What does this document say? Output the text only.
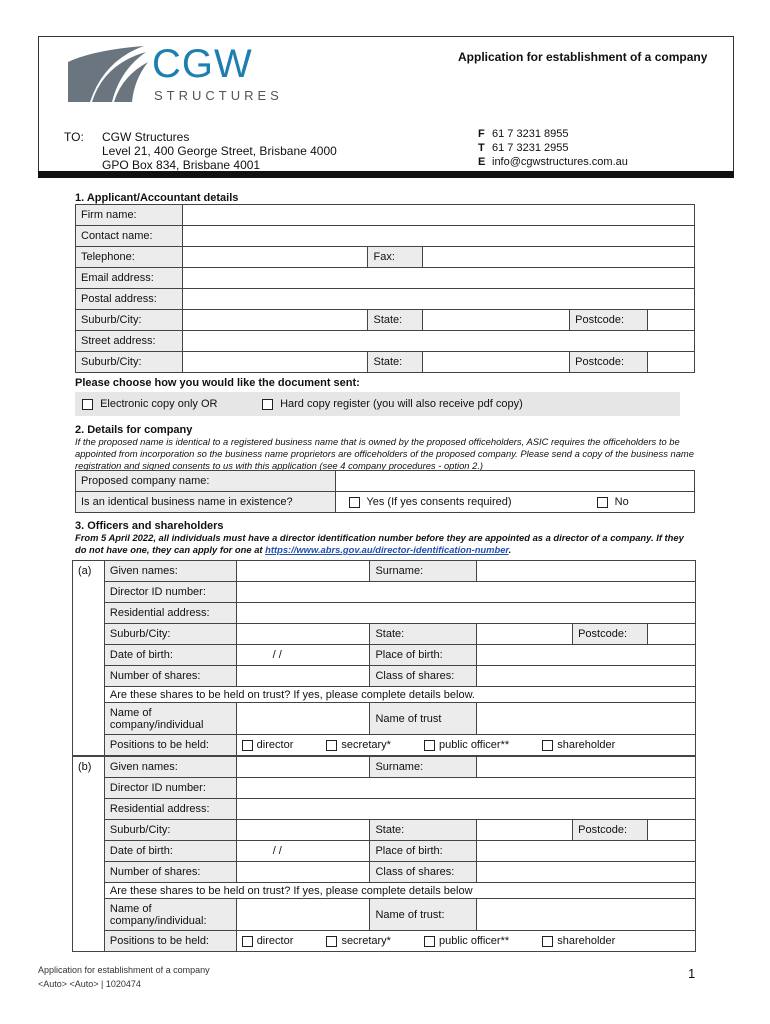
CGW
STRUCTURES
Application for establishment of a company
TO: CGW Structures
Level 21, 400 George Street, Brisbane 4000
GPO Box 834, Brisbane 4001
F 61 7 3231 8955
T 61 7 3231 2955
E info@cgwstructures.com.au
1. Applicant/Accountant details
Firm name:					
Contact name:					
Telephone:		Fax:			
Email address:					
Postal address:					
Suburb/City:		State:		Postcode:	
Street address:					
Suburb/City:		State:		Postcode:	
Please choose how you would like the document sent:
Electronic copy only OR	Hard copy register (you will also receive pdf copy)
2. Details for company
If the proposed name is identical to a registered business name that is owned by the proposed officeholders, ASIC requires the officeholders to be appointed from incorporation so the business name proprietors are officeholders of the proposed company. Please send a copy of the business name registration and signed consents to us with this application (see 4 company procedures - option 2.)
Proposed company name:	
Is an identical business name in existence?	Yes (If yes consents required) No
3. Officers and shareholders
From 5 April 2022, all individuals must have a director identification number before they are appointed as a director of a company. If they do not have one, they can apply for one at https://www.abrs.gov.au/director-identification-number.
(a)	Given names:		Surname:			
	Director ID number:					
	Residential address:					
	Suburb/City:		State:		Postcode:	
	Date of birth:	/ /	Place of birth:			
	Number of shares:		Class of shares:			
	Are these shares to be held on trust? If yes, please complete details below.					
	Name of company/individual		Name of trust			
	Positions to be held:	director secretary* public officer** shareholder				
(b)	Given names:		Surname:			
	Director ID number:					
	Residential address:					
	Suburb/City:		State:		Postcode:	
	Date of birth:	/ /	Place of birth:			
	Number of shares:		Class of shares:			
	Are these shares to be held on trust? If yes, please complete details below					
	Name of company/individual:		Name of trust:			
	Positions to be held:	director secretary* public officer** shareholder				
Application for establishment of a company
<Auto> <Auto> | 1020474
1
